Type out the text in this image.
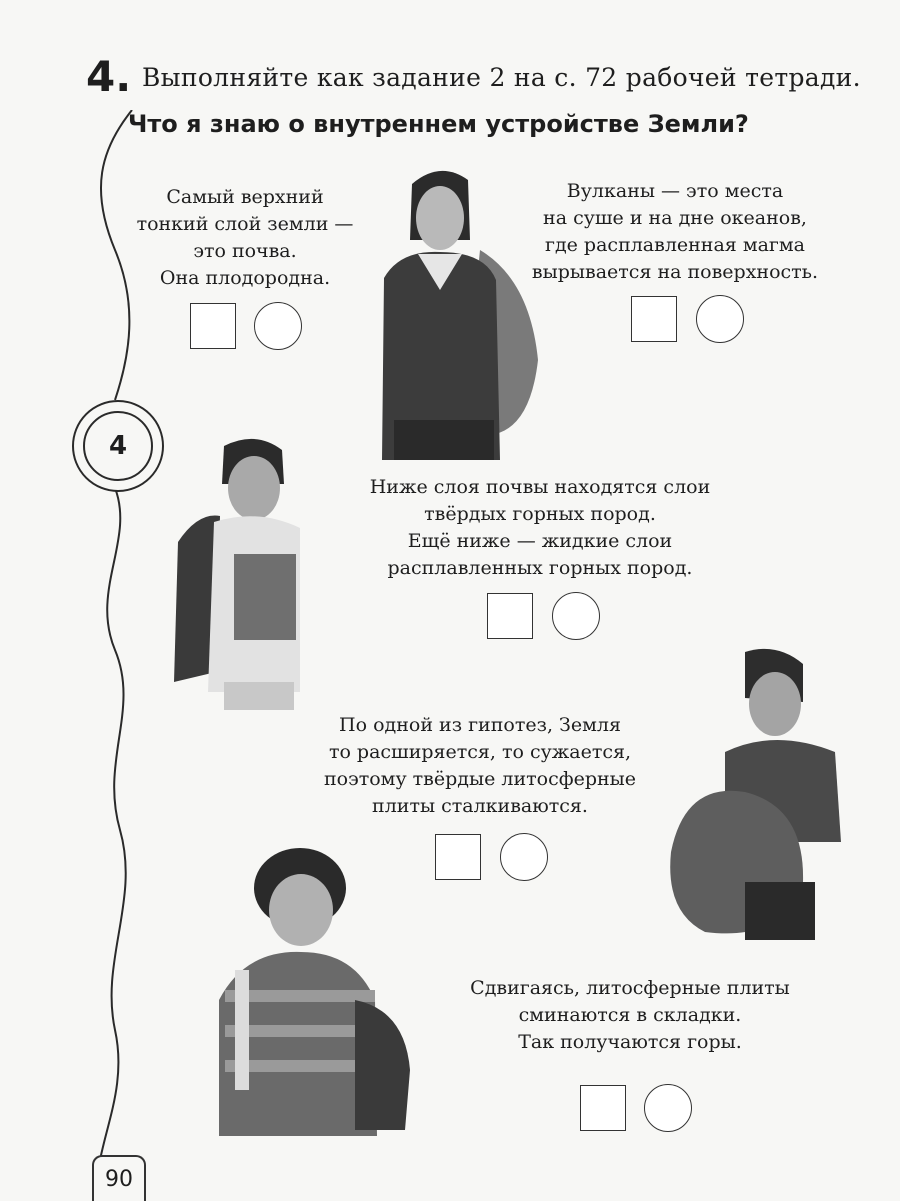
4. Выполняйте как задание 2 на с. 72 рабочей тетради.
Что я знаю о внутреннем устройстве Земли?
4
Самый верхний
тонкий слой земли —
это почва.
Она плодородна.
Вулканы — это места
на суше и на дне океанов,
где расплавленная магма
вырывается на поверхность.
Ниже слоя почвы находятся слои
твёрдых горных пород.
Ещё ниже — жидкие слои
расплавленных горных пород.
По одной из гипотез, Земля
то расширяется, то сужается,
поэтому твёрдые литосферные
плиты сталкиваются.
Сдвигаясь, литосферные плиты
сминаются в складки.
Так получаются горы.
90
